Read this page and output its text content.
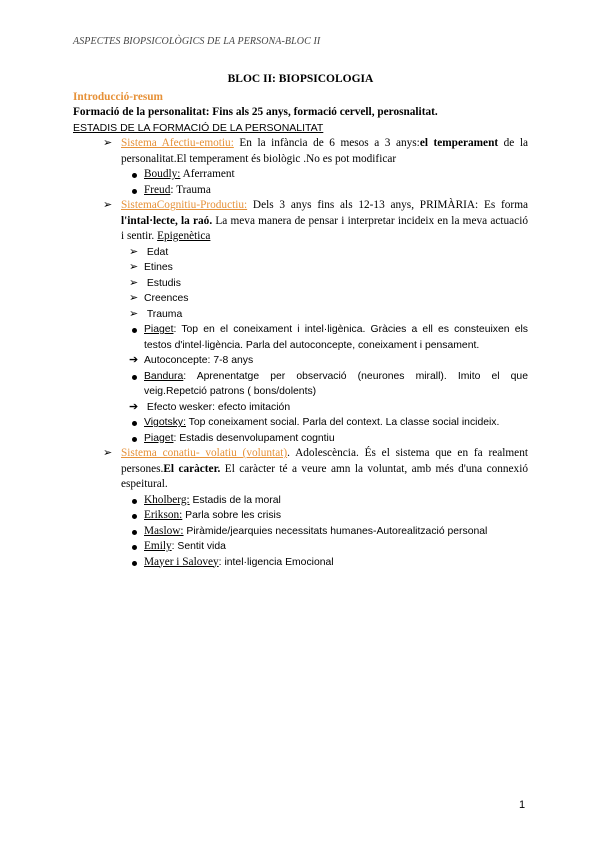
ASPECTES BIOPSICOLÒGICS DE LA PERSONA-BLOC II
BLOC II: BIOPSICOLOGIA
Introducció-resum
Formació de la personalitat: Fins als 25 anys, formació cervell, perosnalitat.
ESTADIS DE LA FORMACIÓ DE LA PERSONALITAT
➢ Sistema Afectiu-emotiu: En la infància de 6 mesos a 3 anys:el temperament de la personalitat.El temperament és biològic .No es pot modificar
Boudly: Aferrament
Freud: Trauma
➢ SistemaCognitiu-Productiu: Dels 3 anys fins als 12-13 anys, PRIMÀRIA: Es forma l'intal·lecte, la raó. La meva manera de pensar i interpretar incideix en la meva actuació i sentir. Epigenètica
➢ Edat
➢ Etines
➢ Estudis
➢ Creences
➢ Trauma
Piaget: Top en el coneixament i intel·ligènica. Gràcies a ell es consteuixen els testos d'intel·ligència. Parla del autoconcepte, coneixament i pensament.
➔ Autoconcepte: 7-8 anys
Bandura: Aprenentatge per observació (neurones mirall). Imito el que veig.Repetció patrons ( bons/dolents)
➔ Efecto wesker: efecto imitación
Vigotsky: Top coneixament social. Parla del context. La classe social incideix.
Piaget: Estadis desenvolupament cogntiu
➢ Sistema conatiu- volatiu (voluntat). Adolescència. És el sistema que en fa realment persones.El caràcter. El caràcter té a veure amn la voluntat, amb més d'una connexió espeitural.
Kholberg: Estadis de la moral
Erikson: Parla sobre les crisis
Maslow: Piràmide/jearquies necessitats humanes-Autorealització personal
Emily: Sentit vida
Mayer i Salovey: intel·ligencia Emocional
1
